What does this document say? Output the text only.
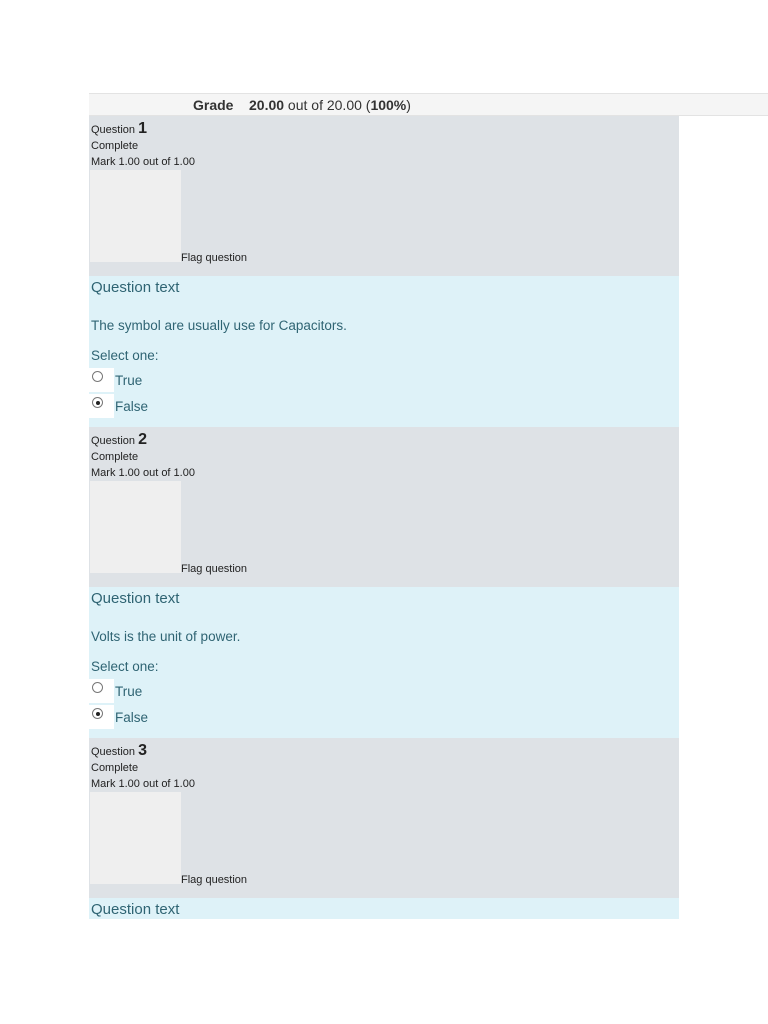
Grade 20.00 out of 20.00 (100%)
Question 1
Complete
Mark 1.00 out of 1.00
Flag question
Question text
The symbol are usually use for Capacitors.
Select one:
True
False
Question 2
Complete
Mark 1.00 out of 1.00
Flag question
Question text
Volts is the unit of power.
Select one:
True
False
Question 3
Complete
Mark 1.00 out of 1.00
Flag question
Question text
